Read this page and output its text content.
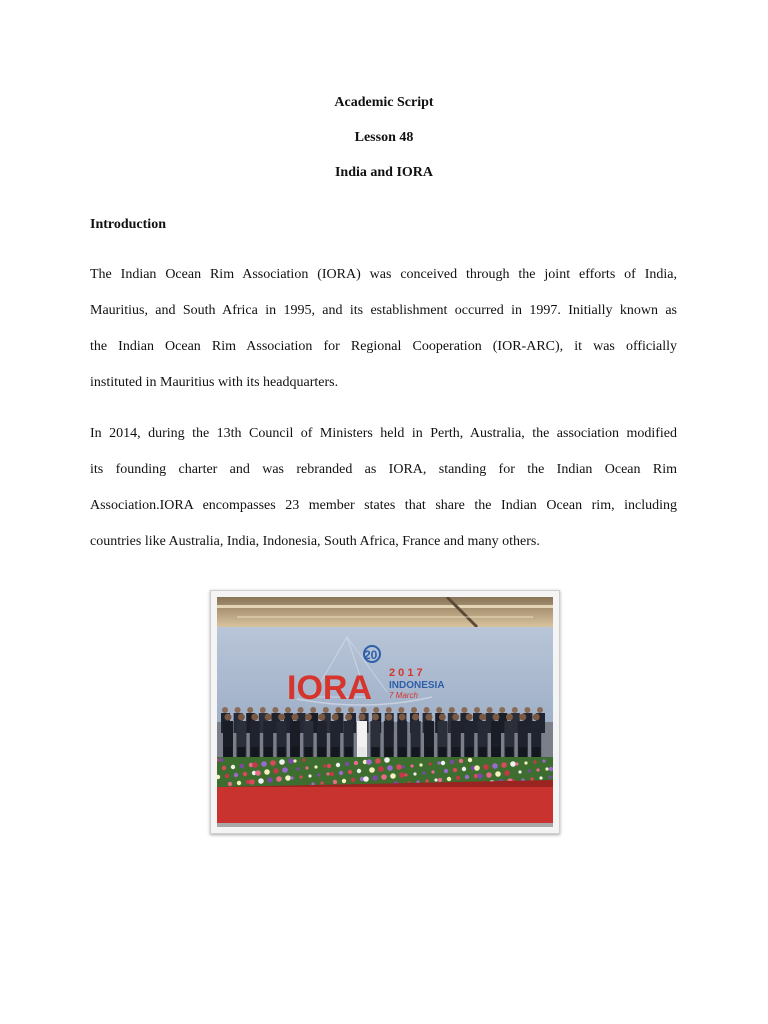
Academic Script
Lesson 48
India and IORA
Introduction
The Indian Ocean Rim Association (IORA) was conceived through the joint efforts of India,
Mauritius, and South Africa in 1995, and its establishment occurred in 1997. Initially known as
the Indian Ocean Rim Association for Regional Cooperation (IOR-ARC), it was officially
instituted in Mauritius with its headquarters.
In 2014, during the 13th Council of Ministers held in Perth, Australia, the association modified
its founding charter and was rebranded as IORA, standing for the Indian Ocean Rim
Association.IORA encompasses 23 member states that share the Indian Ocean rim, including
countries like Australia, India, Indonesia, South Africa, France and many others.
IORA
20
2 0 1 7
INDONESIA
7 March
